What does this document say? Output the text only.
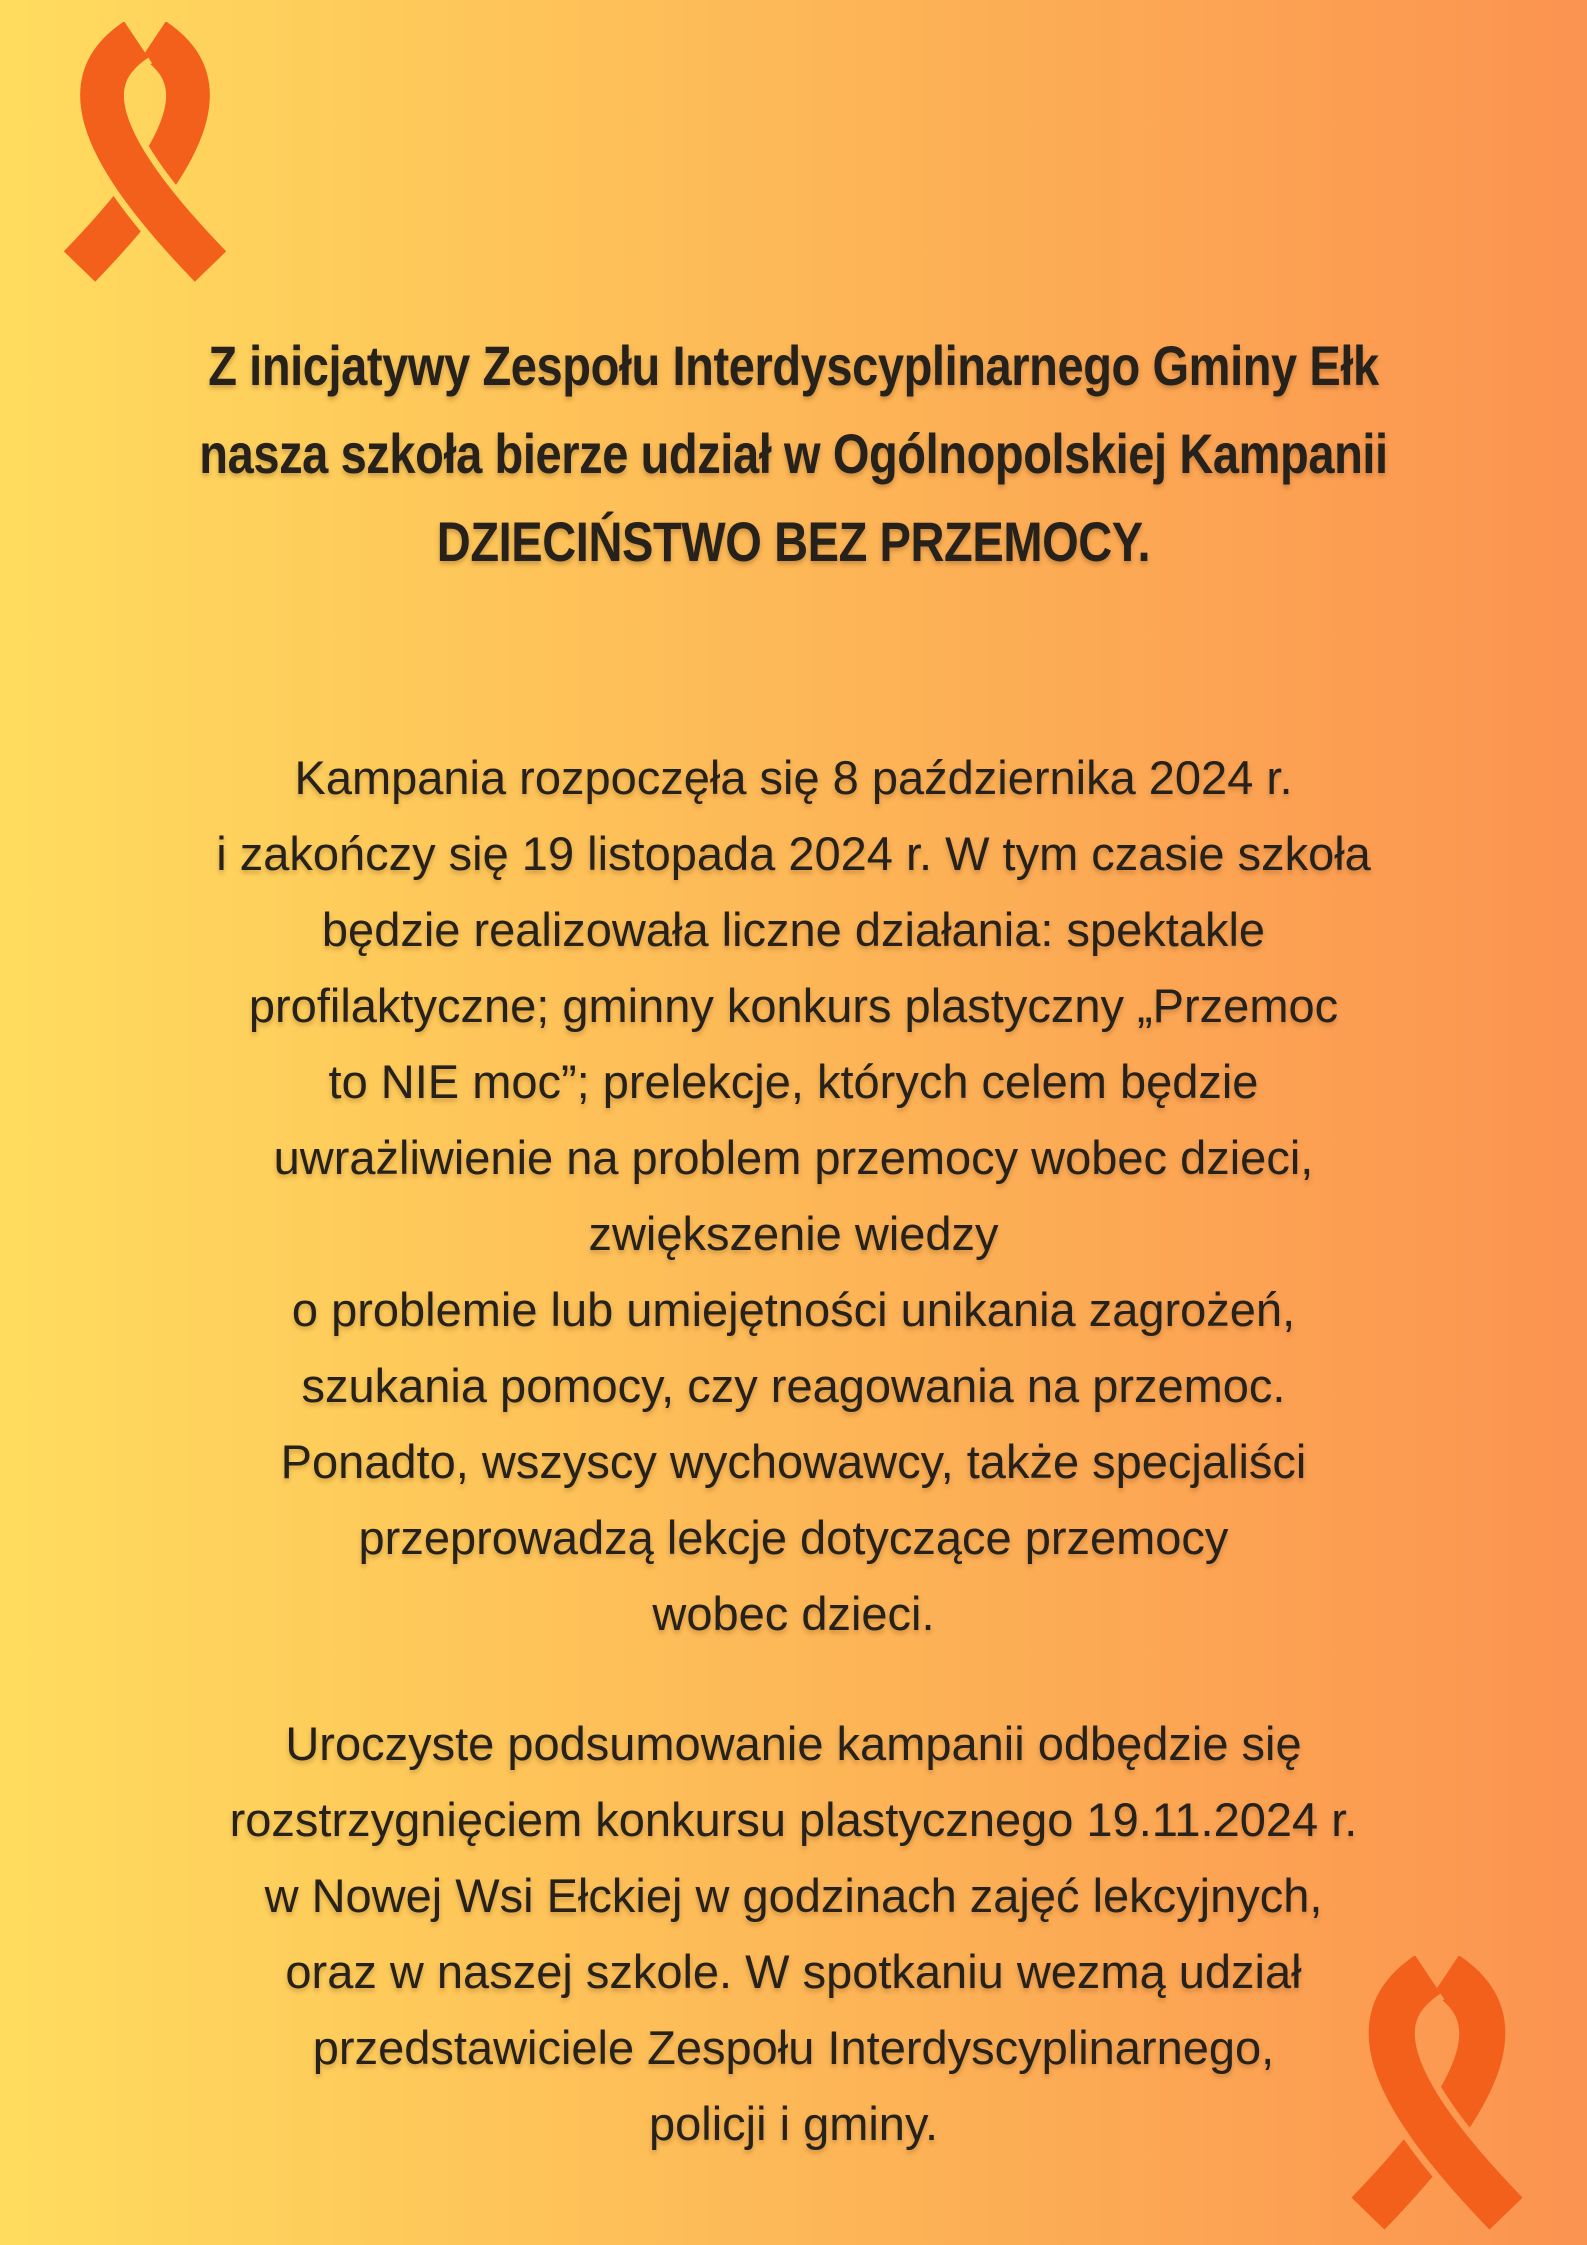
Z inicjatywy Zespołu Interdyscyplinarnego Gminy Ełk
nasza szkoła bierze udział w Ogólnopolskiej Kampanii
DZIECIŃSTWO BEZ PRZEMOCY.
Kampania rozpoczęła się 8 października 2024 r.
i zakończy się 19 listopada 2024 r. W tym czasie szkoła
będzie realizowała liczne działania: spektakle
profilaktyczne; gminny konkurs plastyczny „Przemoc
to NIE moc”; prelekcje, których celem będzie
uwrażliwienie na problem przemocy wobec dzieci,
zwiększenie wiedzy
o problemie lub umiejętności unikania zagrożeń,
szukania pomocy, czy reagowania na przemoc.
Ponadto, wszyscy wychowawcy, także specjaliści
przeprowadzą lekcje dotyczące przemocy
wobec dzieci.
Uroczyste podsumowanie kampanii odbędzie się
rozstrzygnięciem konkursu plastycznego 19.11.2024 r.
w Nowej Wsi Ełckiej w godzinach zajęć lekcyjnych,
oraz w naszej szkole. W spotkaniu wezmą udział
przedstawiciele Zespołu Interdyscyplinarnego,
policji i gminy.
